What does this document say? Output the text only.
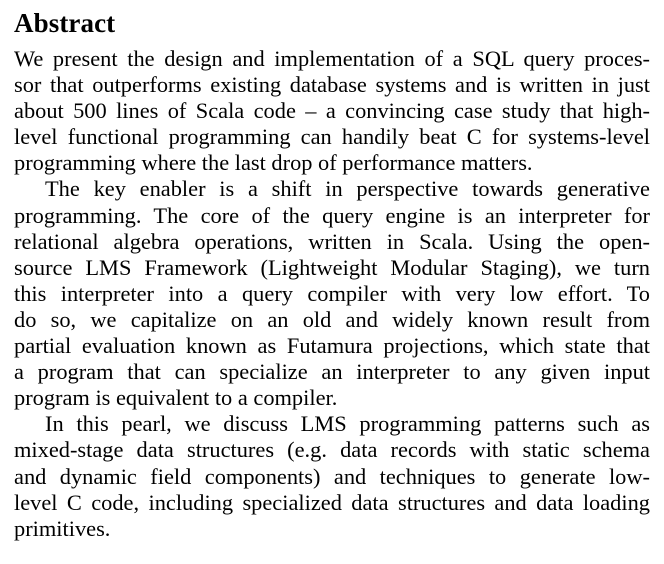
Abstract

We present the design and implementation of a SQL query proces-
sor that outperforms existing database systems and is written in just
about 500 lines of Scala code – a convincing case study that high-
level functional programming can handily beat C for systems-level
programming where the last drop of performance matters.

The key enabler is a shift in perspective towards generative
programming. The core of the query engine is an interpreter for
relational algebra operations, written in Scala. Using the open-
source LMS Framework (Lightweight Modular Staging), we turn
this interpreter into a query compiler with very low effort. To
do so, we capitalize on an old and widely known result from
partial evaluation known as Futamura projections, which state that
a program that can specialize an interpreter to any given input
program is equivalent to a compiler.

In this pearl, we discuss LMS programming patterns such as
mixed-stage data structures (e.g. data records with static schema
and dynamic field components) and techniques to generate low-
level C code, including specialized data structures and data loading
primitives.
